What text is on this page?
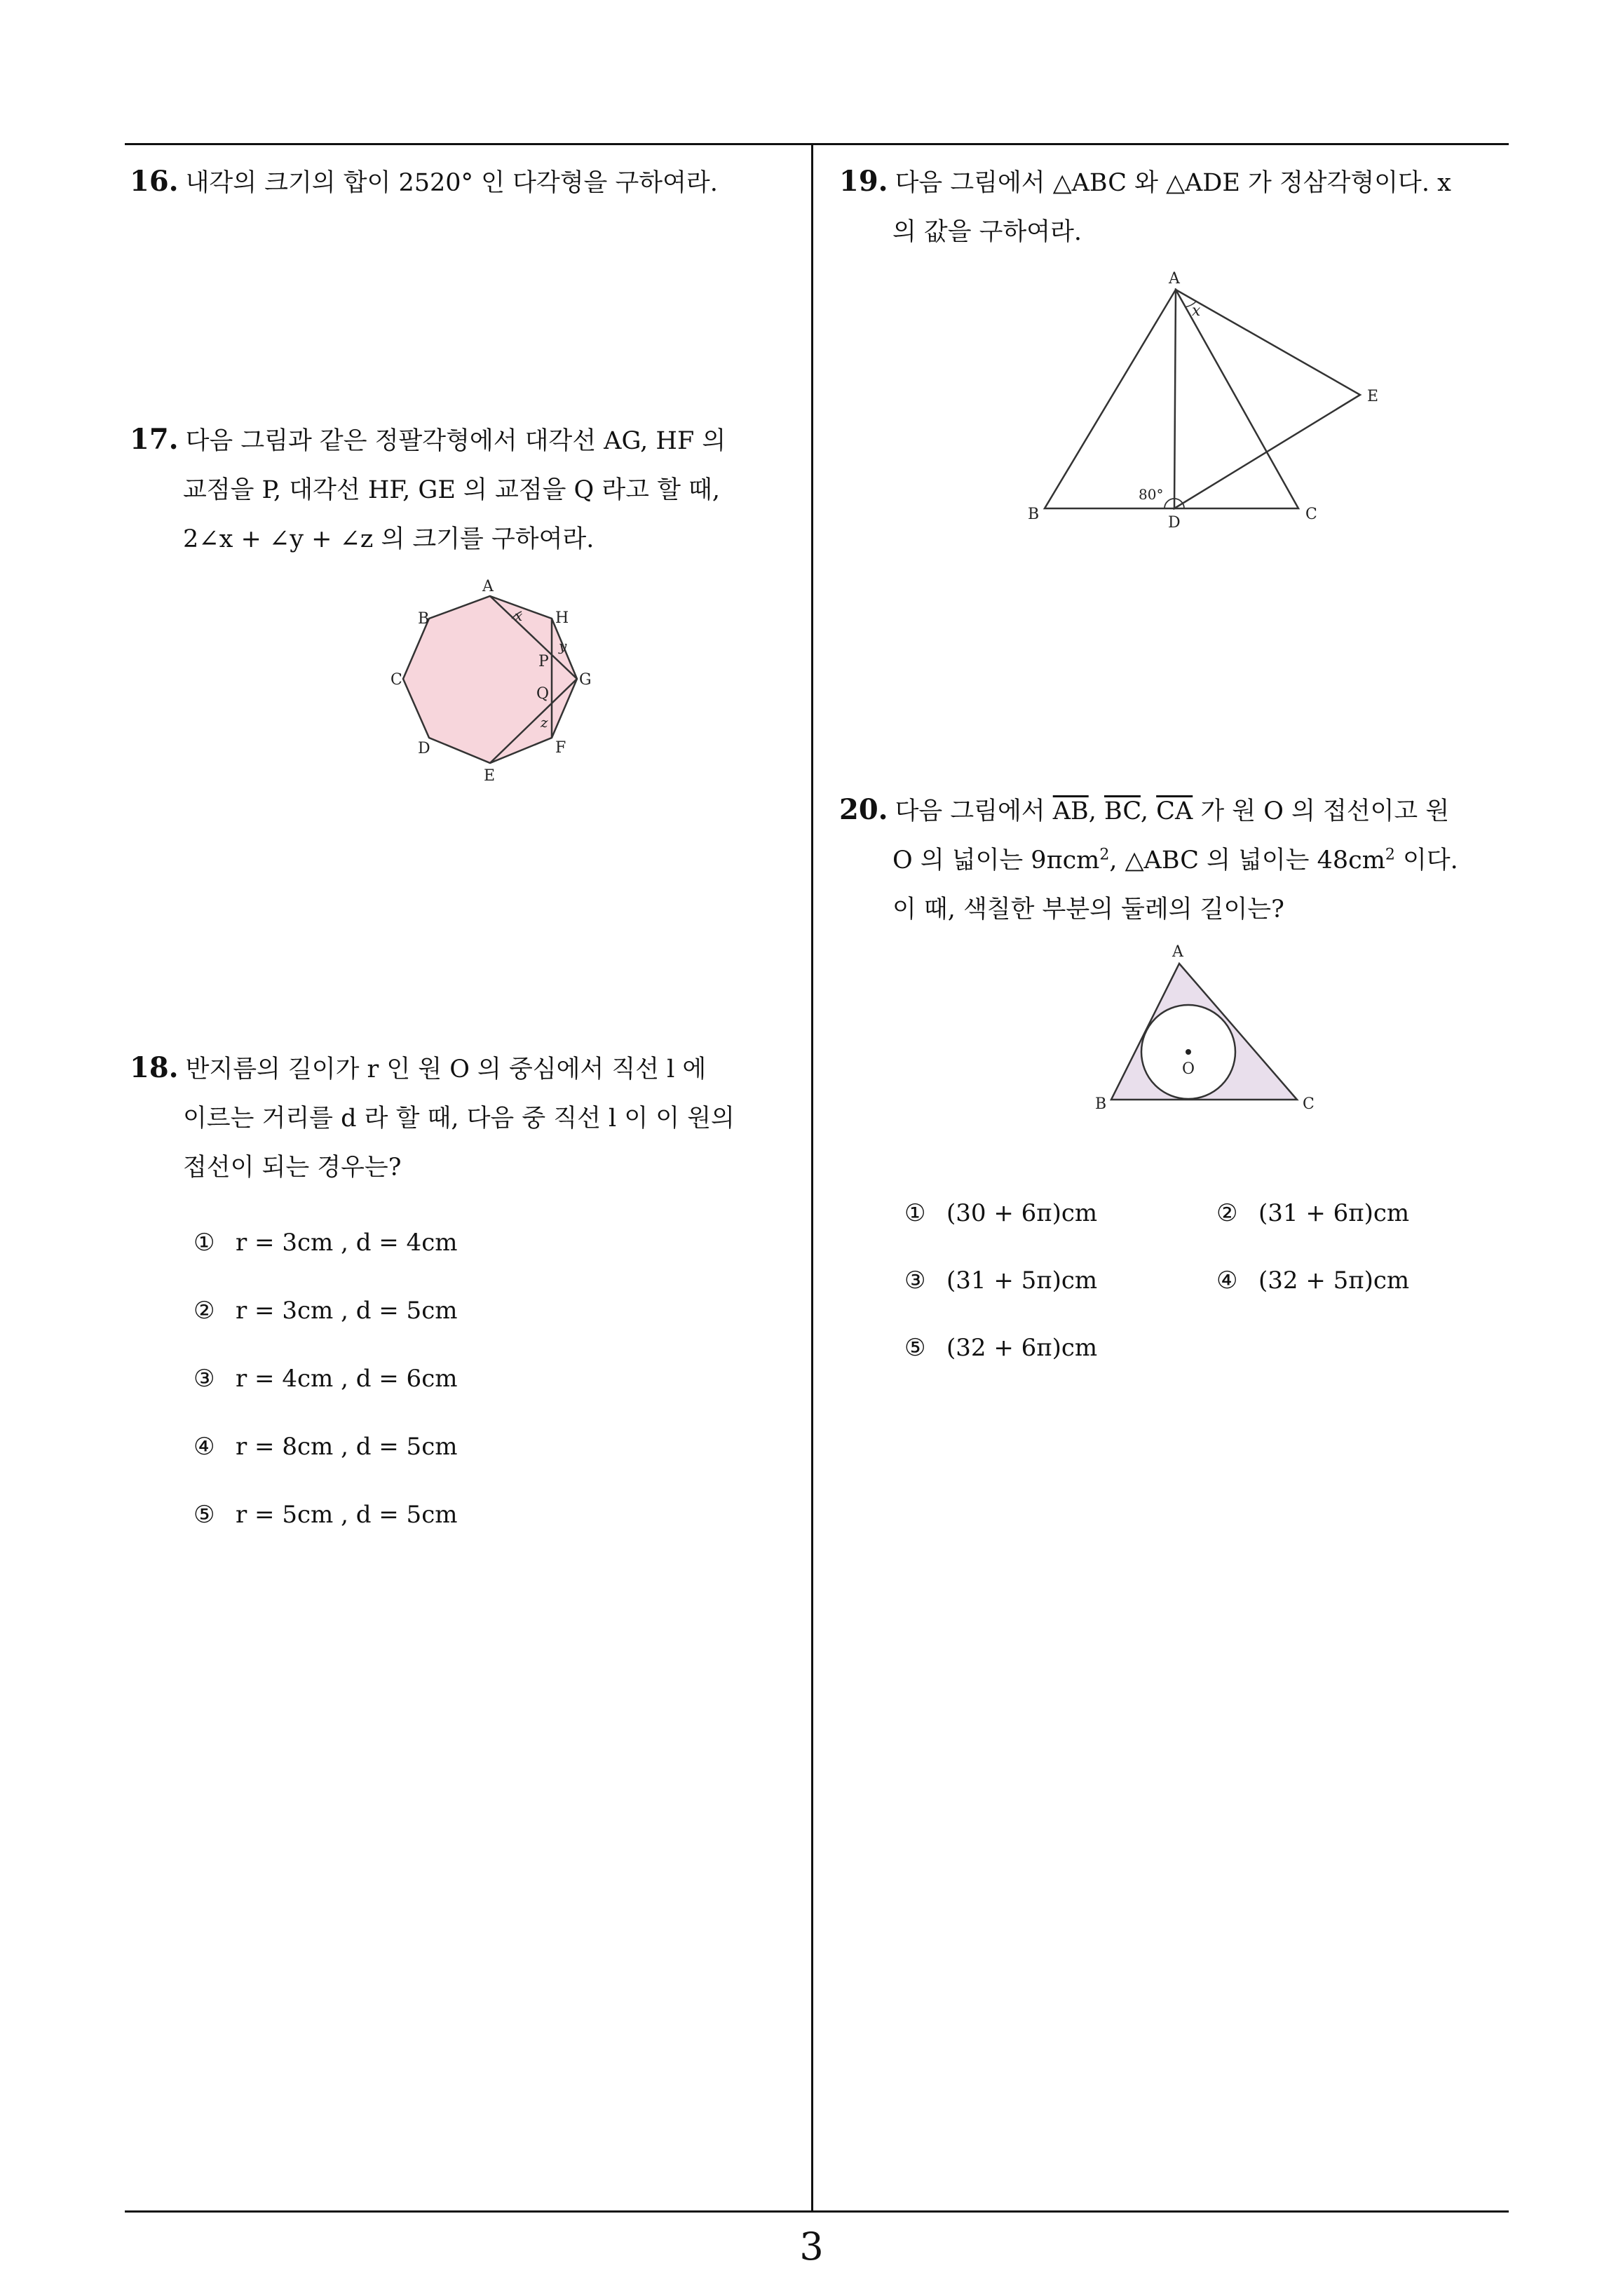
16. 내각의 크기의 합이 2520° 인 다각형을 구하여라.
17. 다음 그림과 같은 정팔각형에서 대각선 AG, HF 의
교점을 P, 대각선 HF, GE 의 교점을 Q 라고 할 때,
2∠x + ∠y + ∠z 의 크기를 구하여라.
A
B
C
D
E
F
G
H
P
Q
x
y
z
18. 반지름의 길이가 r 인 원 O 의 중심에서 직선 l 에
이르는 거리를 d 라 할 때, 다음 중 직선 l 이 이 원의
접선이 되는 경우는?
① r = 3cm , d = 4cm
② r = 3cm , d = 5cm
③ r = 4cm , d = 6cm
④ r = 8cm , d = 5cm
⑤ r = 5cm , d = 5cm
19. 다음 그림에서 △ABC 와 △ADE 가 정삼각형이다. x
의 값을 구하여라.
A
B	C
D
E
x
80°
20. 다음 그림에서 $\overline{AB}$, $\overline{BC}$, $\overline{CA}$ 가 원 O 의 접선이고 원
O 의 넓이는 9πcm$^2$, △ABC 의 넓이는 $48cm^2$ 이다.
이 때, 색칠한 부분의 둘레의 길이는?
A
B	C
O
① (30 + 6π)cm	② (31 + 6π)cm
③ (31 + 5π)cm	④ (32 + 5π)cm
⑤ (32 + 6π)cm
3
